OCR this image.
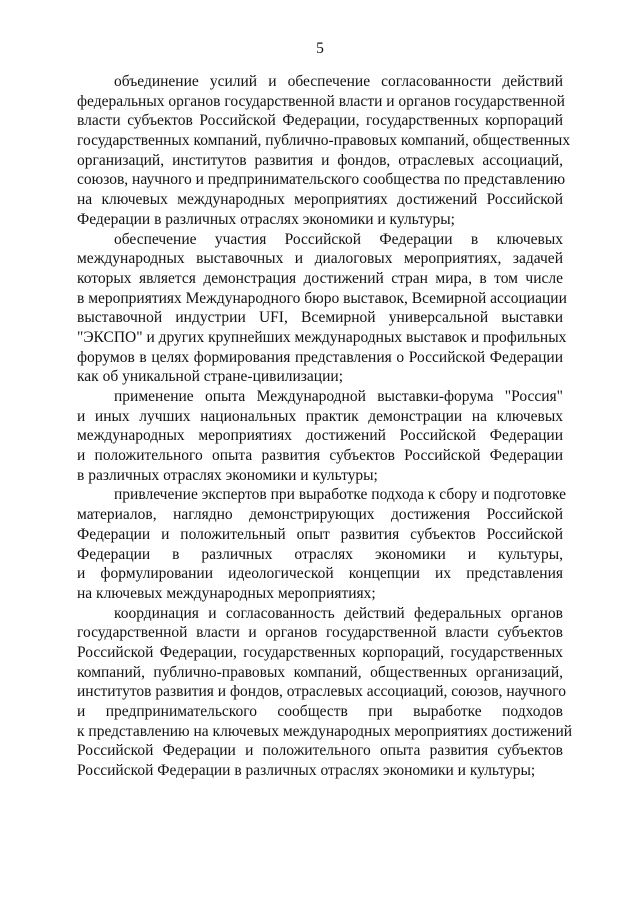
5
объединение усилий и обеспечение согласованности действий
федеральных органов государственной власти и органов государственной
власти субъектов Российской Федерации, государственных корпораций
государственных компаний, публично-правовых компаний, общественных
организаций, институтов развития и фондов, отраслевых ассоциаций,
союзов, научного и предпринимательского сообщества по представлению
на ключевых международных мероприятиях достижений Российской
Федерации в различных отраслях экономики и культуры;
обеспечение участия Российской Федерации в ключевых
международных выставочных и диалоговых мероприятиях, задачей
которых является демонстрация достижений стран мира, в том числе
в мероприятиях Международного бюро выставок, Всемирной ассоциации
выставочной индустрии UFI, Всемирной универсальной выставки
"ЭКСПО" и других крупнейших международных выставок и профильных
форумов в целях формирования представления о Российской Федерации
как об уникальной стране-цивилизации;
применение опыта Международной выставки-форума "Россия"
и иных лучших национальных практик демонстрации на ключевых
международных мероприятиях достижений Российской Федерации
и положительного опыта развития субъектов Российской Федерации
в различных отраслях экономики и культуры;
привлечение экспертов при выработке подхода к сбору и подготовке
материалов, наглядно демонстрирующих достижения Российской
Федерации и положительный опыт развития субъектов Российской
Федерации в различных отраслях экономики и культуры,
и формулировании идеологической концепции их представления
на ключевых международных мероприятиях;
координация и согласованность действий федеральных органов
государственной власти и органов государственной власти субъектов
Российской Федерации, государственных корпораций, государственных
компаний, публично-правовых компаний, общественных организаций,
институтов развития и фондов, отраслевых ассоциаций, союзов, научного
и предпринимательского сообществ при выработке подходов
к представлению на ключевых международных мероприятиях достижений
Российской Федерации и положительного опыта развития субъектов
Российской Федерации в различных отраслях экономики и культуры;
